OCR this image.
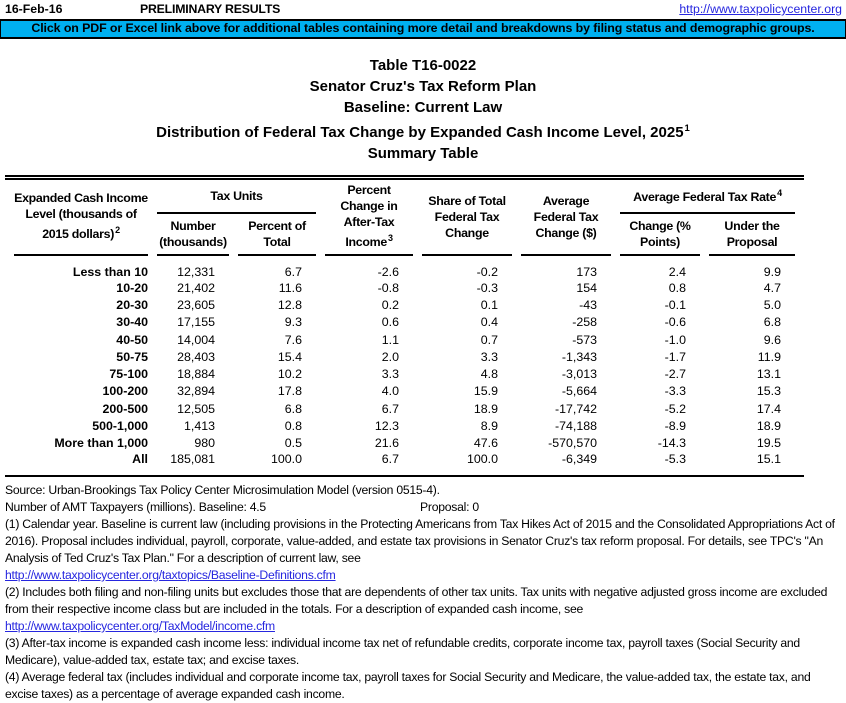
16-Feb-16	PRELIMINARY RESULTS	http://www.taxpolicycenter.org
Click on PDF or Excel link above for additional tables containing more detail and breakdowns by filing status and demographic groups.
Table T16-0022
Senator Cruz's Tax Reform Plan
Baseline: Current Law
Distribution of Federal Tax Change by Expanded Cash Income Level, 2025$^1$
Summary Table
Expanded Cash Income Level (thousands of 2015 dollars)$^2$	Tax Units		Percent Change in After-Tax Income$^3$	Share of Total Federal Tax Change	Average Federal Tax Change ($)	Average Federal Tax Rate$^4$
	Number (thousands)	Percent of Total				Change (% Points)	Under the Proposal
Less than 10	12,331	6.7	-2.6	-0.2	173	2.4	9.9
10-20	21,402	11.6	-0.8	-0.3	154	0.8	4.7
20-30	23,605	12.8	0.2	0.1	-43	-0.1	5.0
30-40	17,155	9.3	0.6	0.4	-258	-0.6	6.8
40-50	14,004	7.6	1.1	0.7	-573	-1.0	9.6
50-75	28,403	15.4	2.0	3.3	-1,343	-1.7	11.9
75-100	18,884	10.2	3.3	4.8	-3,013	-2.7	13.1
100-200	32,894	17.8	4.0	15.9	-5,664	-3.3	15.3
200-500	12,505	6.8	6.7	18.9	-17,742	-5.2	17.4
500-1,000	1,413	0.8	12.3	8.9	-74,188	-8.9	18.9
More than 1,000	980	0.5	21.6	47.6	-570,570	-14.3	19.5
All	185,081	100.0	6.7	100.0	-6,349	-5.3	15.1

Source: Urban-Brookings Tax Policy Center Microsimulation Model (version 0515-4).

Number of AMT Taxpayers (millions). Baseline: 4.5	Proposal: 0

(1) Calendar year. Baseline is current law (including provisions in the Protecting Americans from Tax Hikes Act of 2015 and the Consolidated Appropriations Act of 2016). Proposal includes individual, payroll, corporate, value-added, and estate tax provisions in Senator Cruz's tax reform proposal. For details, see TPC's "An Analysis of Ted Cruz's Tax Plan." For a description of current law, see

http://www.taxpolicycenter.org/taxtopics/Baseline-Definitions.cfm

(2) Includes both filing and non-filing units but excludes those that are dependents of other tax units. Tax units with negative adjusted gross income are excluded from their respective income class but are included in the totals. For a description of expanded cash income, see

http://www.taxpolicycenter.org/TaxModel/income.cfm

(3) After-tax income is expanded cash income less: individual income tax net of refundable credits, corporate income tax, payroll taxes (Social Security and Medicare), value-added tax, estate tax; and excise taxes.

(4) Average federal tax (includes individual and corporate income tax, payroll taxes for Social Security and Medicare, the value-added tax, the estate tax, and excise taxes) as a percentage of average expanded cash income.
